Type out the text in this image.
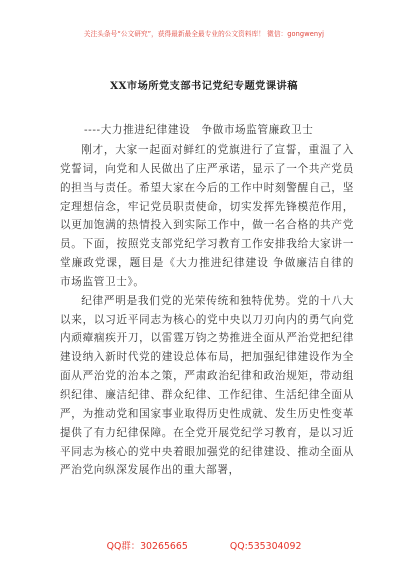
关注头条号“公文研究”，获得最新最全最专业的公文资料库！ 微信：gongwenyj
XX市场所党支部书记党纪专题党课讲稿
----大力推进纪律建设　争做市场监管廉政卫士

刚才，大家一起面对鲜红的党旗进行了宣誓，重温了入党誓词，向党和人民做出了庄严承诺，显示了一个共产党员的担当与责任。希望大家在今后的工作中时刻警醒自己，坚定理想信念，牢记党员职责使命，切实发挥先锋模范作用，以更加饱满的热情投入到实际工作中，做一名合格的共产党员。下面，按照党支部党纪学习教育工作安排我给大家讲一堂廉政党课，题目是《大力推进纪律建设 争做廉洁自律的市场监管卫士》。

纪律严明是我们党的光荣传统和独特优势。党的十八大以来，以习近平同志为核心的党中央以刀刃向内的勇气向党内顽瘴痼疾开刀，以雷霆万钧之势推进全面从严治党把纪律建设纳入新时代党的建设总体布局，把加强纪律建设作为全面从严治党的治本之策，严肃政治纪律和政治规矩，带动组织纪律、廉洁纪律、群众纪律、工作纪律、生活纪律全面从严，为推动党和国家事业取得历史性成就、发生历史性变革提供了有力纪律保障。在全党开展党纪学习教育，是以习近平同志为核心的党中央着眼加强党的纪律建设、推动全面从严治党向纵深发展作出的重大部署，

QQ群：30265665	QQ:535304092
